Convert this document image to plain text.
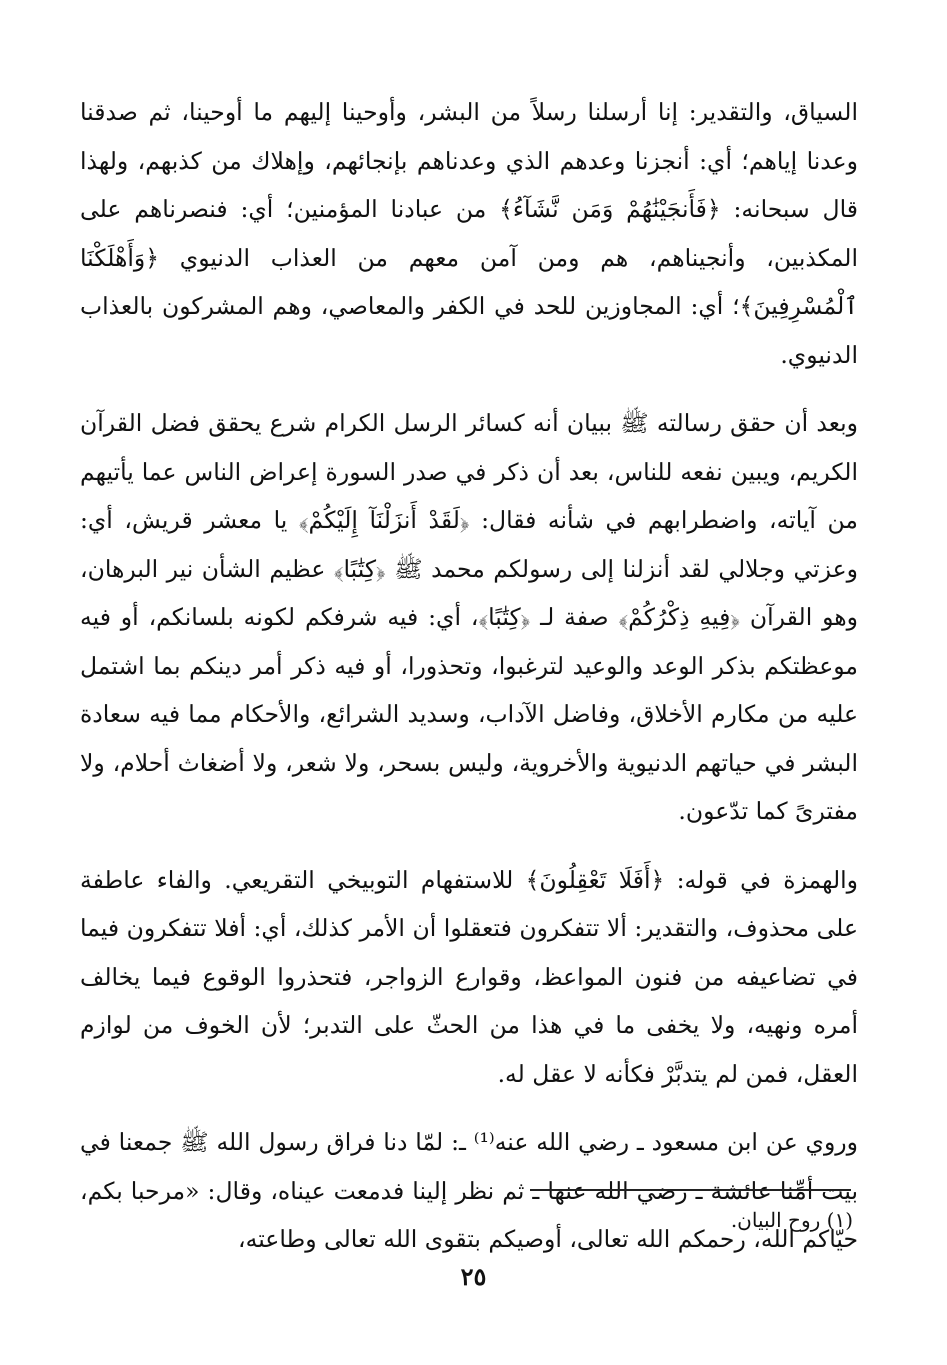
السياق، والتقدير: إنا أرسلنا رسلاً من البشر، وأوحينا إليهم ما أوحينا، ثم صدقنا وعدنا إياهم؛ أي: أنجزنا وعدهم الذي وعدناهم بإنجائهم، وإهلاك من كذبهم، ولهذا قال سبحانه: ﴿فَأَنجَيْنَٰهُمْ وَمَن نَّشَآءُ﴾ من عبادنا المؤمنين؛ أي: فنصرناهم على المكذبين، وأنجيناهم، هم ومن آمن معهم من العذاب الدنيوي ﴿وَأَهْلَكْنَا ٱلْمُسْرِفِينَ﴾؛ أي: المجاوزين للحد في الكفر والمعاصي، وهم المشركون بالعذاب الدنيوي.

وبعد أن حقق رسالته ﷺ ببيان أنه كسائر الرسل الكرام شرع يحقق فضل القرآن الكريم، ويبين نفعه للناس، بعد أن ذكر في صدر السورة إعراض الناس عما يأتيهم من آياته، واضطرابهم في شأنه فقال: ﴿لَقَدْ أَنزَلْنَآ إِلَيْكُمْ﴾ يا معشر قريش، أي: وعزتي وجلالي لقد أنزلنا إلى رسولكم محمد ﷺ ﴿كِتَٰبًا﴾ عظيم الشأن نير البرهان، وهو القرآن ﴿فِيهِ ذِكْرُكُمْ﴾ صفة لـ ﴿كِتَٰبًا﴾، أي: فيه شرفكم لكونه بلسانكم، أو فيه موعظتكم بذكر الوعد والوعيد لترغبوا، وتحذورا، أو فيه ذكر أمر دينكم بما اشتمل عليه من مكارم الأخلاق، وفاضل الآداب، وسديد الشرائع، والأحكام مما فيه سعادة البشر في حياتهم الدنيوية والأخروية، وليس بسحر، ولا شعر، ولا أضغاث أحلام، ولا مفترىً كما تدّعون.

والهمزة في قوله: ﴿أَفَلَا تَعْقِلُونَ﴾ للاستفهام التوبيخي التقريعي. والفاء عاطفة على محذوف، والتقدير: ألا تتفكرون فتعقلوا أن الأمر كذلك، أي: أفلا تتفكرون فيما في تضاعيفه من فنون المواعظ، وقوارع الزواجر، فتحذروا الوقوع فيما يخالف أمره ونهيه، ولا يخفى ما في هذا من الحثّ على التدبر؛ لأن الخوف من لوازم العقل، فمن لم يتدبَّرْ فكأنه لا عقل له.

وروي عن ابن مسعود ـ رضي الله عنه⁽¹⁾ ـ: لمّا دنا فراق رسول الله ﷺ جمعنا في بيت أمِّنا عائشة ـ رضي الله عنها ـ ثم نظر إلينا فدمعت عيناه، وقال: «مرحبا بكم، حيّاكم الله، رحمكم الله تعالى، أوصيكم بتقوى الله تعالى وطاعته،

(١) روح البيان.
٢٥
